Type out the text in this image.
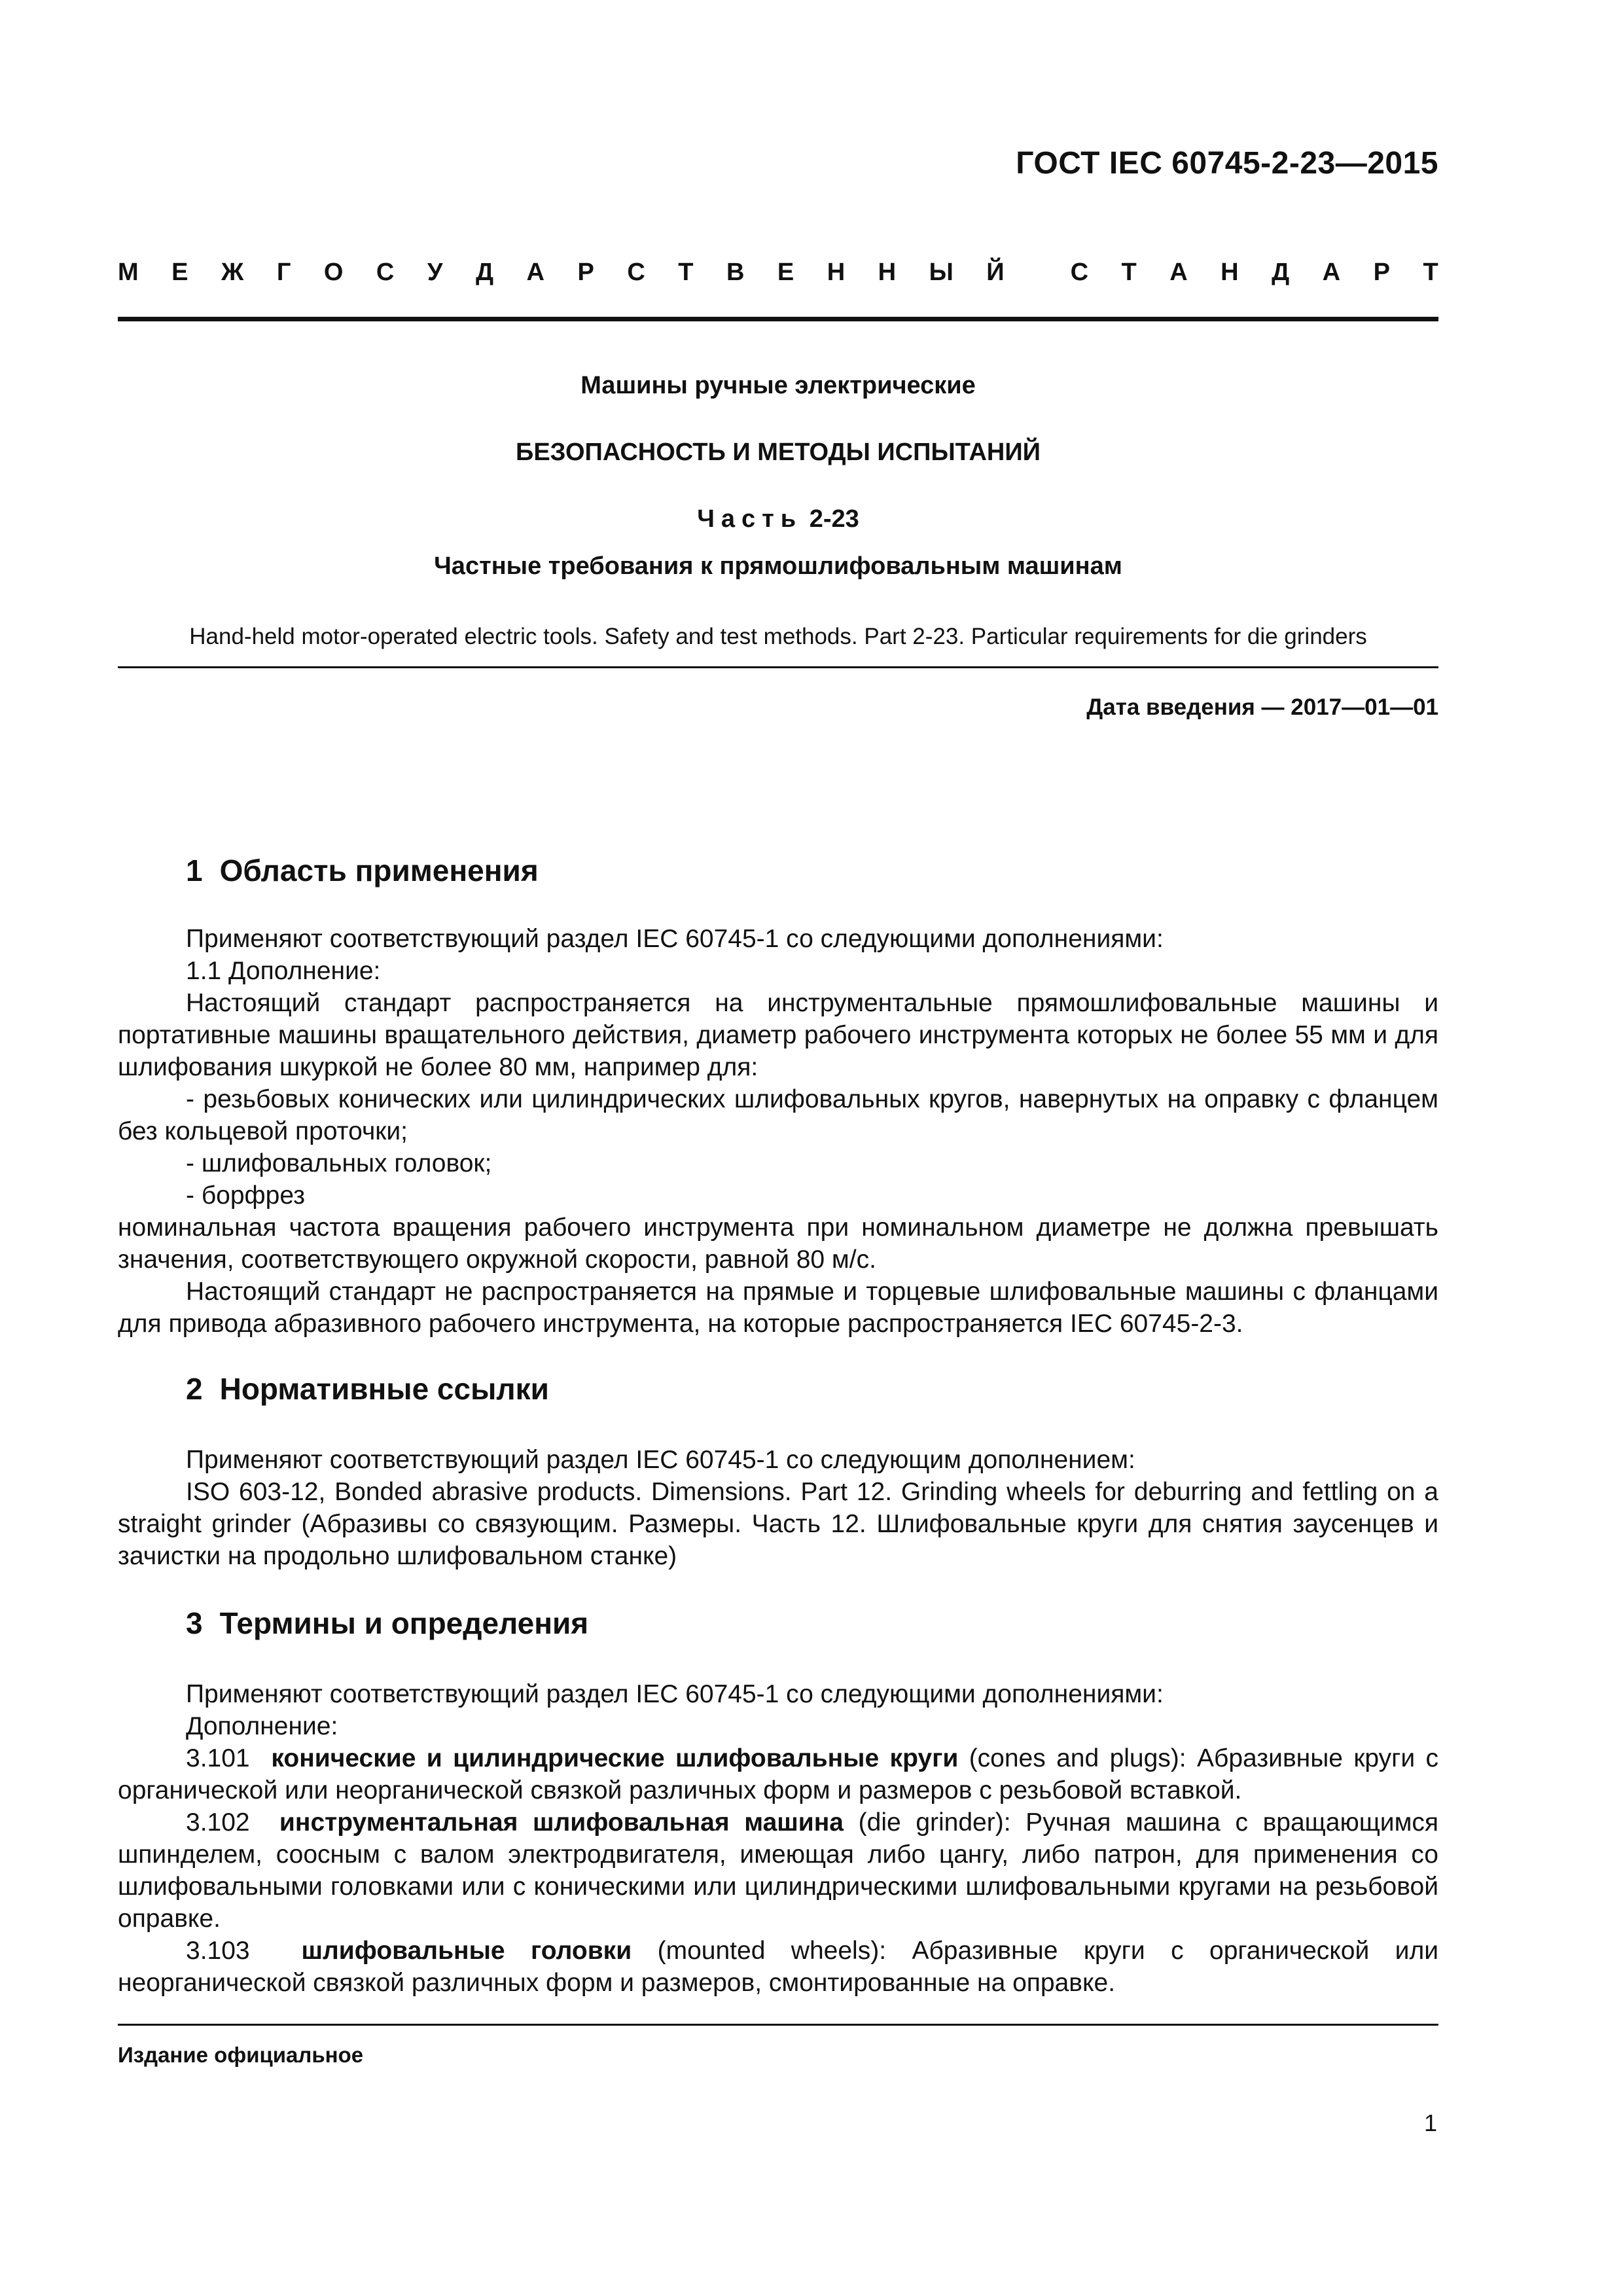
ГОСТ IEC 60745-2-23—2015
М Е Ж Г О С У Д А Р С Т В Е Н Н Ы Й	С Т А Н Д А Р Т
Машины ручные электрические
БЕЗОПАСНОСТЬ И МЕТОДЫ ИСПЫТАНИЙ
Часть 2-23
Частные требования к прямошлифовальным машинам
Hand-held motor-operated electric tools. Safety and test methods. Part 2-23. Particular requirements for die grinders
Дата введения — 2017—01—01
1 Область применения

Применяют соответствующий раздел IEC 60745-1 со следующими дополнениями:

1.1 Дополнение:

Настоящий стандарт распространяется на инструментальные прямошлифовальные машины и портативные машины вращательного действия, диаметр рабочего инструмента которых не более 55 мм и для шлифования шкуркой не более 80 мм, например для:

- резьбовых конических или цилиндрических шлифовальных кругов, навернутых на оправку с фланцем без кольцевой проточки;

- шлифовальных головок;

- борфрез

номинальная частота вращения рабочего инструмента при номинальном диаметре не должна превышать значения, соответствующего окружной скорости, равной 80 м/с.

Настоящий стандарт не распространяется на прямые и торцевые шлифовальные машины с фланцами для привода абразивного рабочего инструмента, на которые распространяется IEC 60745-2-3.

2 Нормативные ссылки

Применяют соответствующий раздел IEC 60745-1 со следующим дополнением:

ISO 603-12, Bonded abrasive products. Dimensions. Part 12. Grinding wheels for deburring and fettling on a straight grinder (Абразивы со связующим. Размеры. Часть 12. Шлифовальные круги для снятия заусенцев и зачистки на продольно шлифовальном станке)

3 Термины и определения

Применяют соответствующий раздел IEC 60745-1 со следующими дополнениями:

Дополнение:

3.101 конические и цилиндрические шлифовальные круги (cones and plugs): Абразивные круги с органической или неорганической связкой различных форм и размеров с резьбовой вставкой.

3.102 инструментальная шлифовальная машина (die grinder): Ручная машина с вращающимся шпинделем, соосным с валом электродвигателя, имеющая либо цангу, либо патрон, для применения со шлифовальными головками или с коническими или цилиндрическими шлифовальными кругами на резьбовой оправке.

3.103 шлифовальные головки (mounted wheels): Абразивные круги с органической или неорганической связкой различных форм и размеров, смонтированные на оправке.

Издание официальное
1
